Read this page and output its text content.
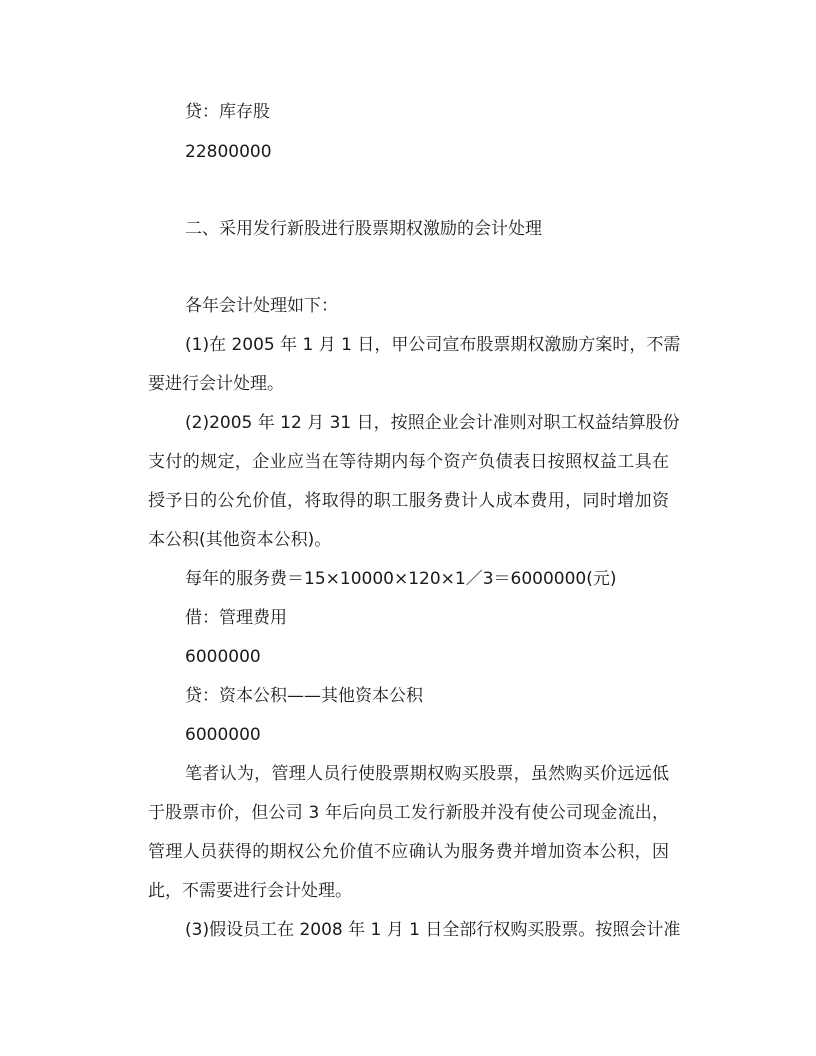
贷：库存股
22800000
二、采用发行新股进行股票期权激励的会计处理
各年会计处理如下：
(1)在 2005 年 1 月 1 日，甲公司宣布股票期权激励方案时，不需
要进行会计处理。
(2)2005 年 12 月 31 日，按照企业会计准则对职工权益结算股份
支付的规定，企业应当在等待期内每个资产负债表日按照权益工具在
授予日的公允价值，将取得的职工服务费计人成本费用，同时增加资
本公积(其他资本公积)。
每年的服务费＝15×10000×120×1／3＝6000000(元)
借：管理费用
6000000
贷：资本公积——其他资本公积
6000000
笔者认为，管理人员行使股票期权购买股票，虽然购买价远远低
于股票市价，但公司 3 年后向员工发行新股并没有使公司现金流出，
管理人员获得的期权公允价值不应确认为服务费并增加资本公积，因
此，不需要进行会计处理。
(3)假设员工在 2008 年 1 月 1 日全部行权购买股票。按照会计准
